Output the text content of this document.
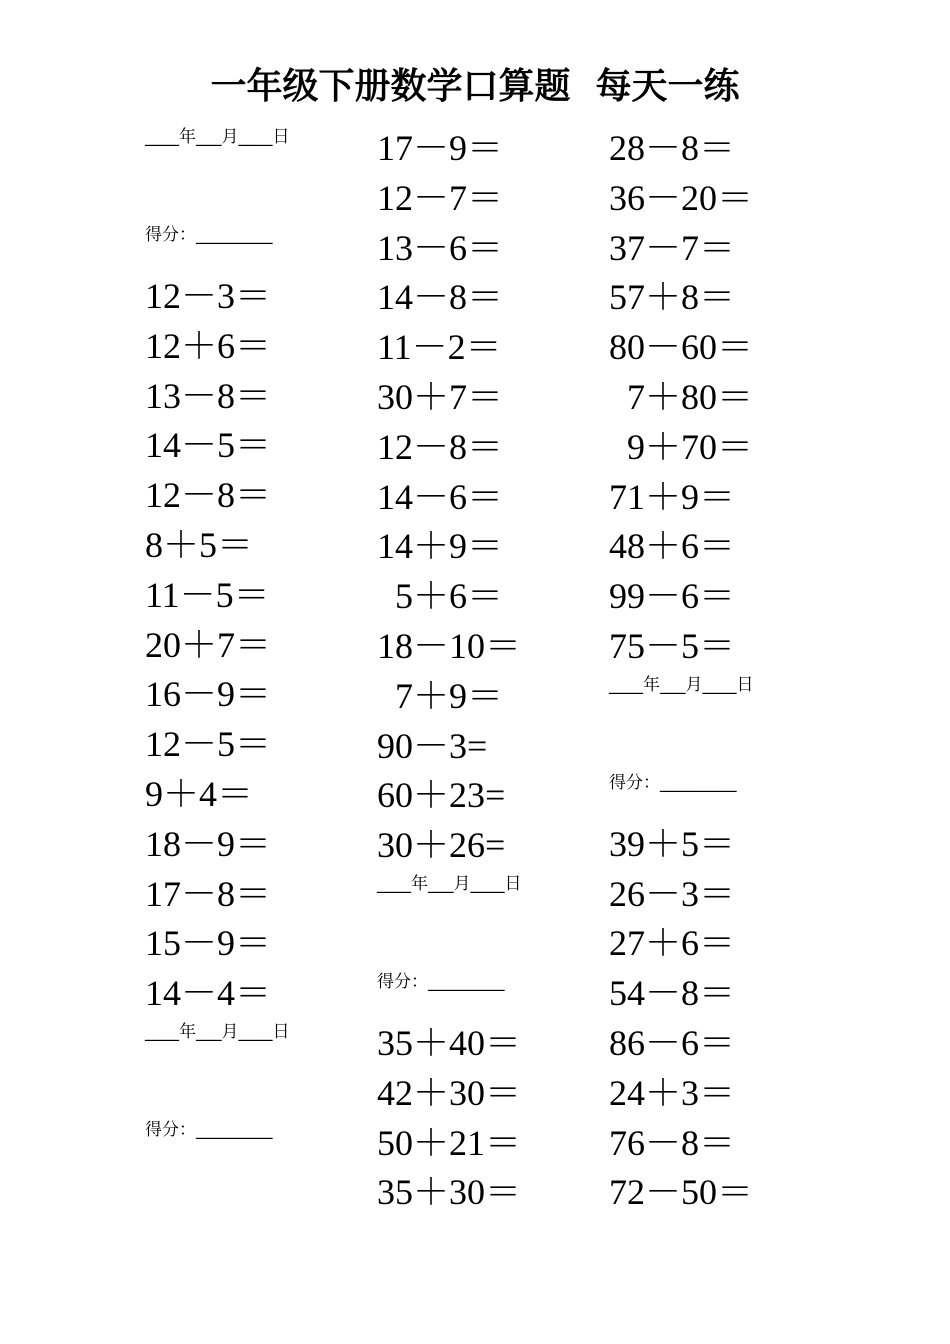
一年级下册数学口算题  每天一练
____年___月____日
得分：_________
12－3＝
12＋6＝
13－8＝
14－5＝
12－8＝
8＋5＝
11－5＝
20＋7＝
16－9＝
12－5＝
9＋4＝
18－9＝
17－8＝
15－9＝
14－4＝
____年___月____日
得分：_________
17－9＝
12－7＝
13－6＝
14－8＝
11－2＝
30＋7＝
12－8＝
14－6＝
14＋9＝
5＋6＝
18－10＝
7＋9＝
90－3=
60＋23=
30＋26=
____年___月____日
得分：_________
35＋40＝
42＋30＝
50＋21＝
35＋30＝
28－8＝
36－20＝
37－7＝
57＋8＝
80－60＝
7＋80＝
9＋70＝
71＋9＝
48＋6＝
99－6＝
75－5＝
____年___月____日
得分：_________
39＋5＝
26－3＝
27＋6＝
54－8＝
86－6＝
24＋3＝
76－8＝
72－50＝
